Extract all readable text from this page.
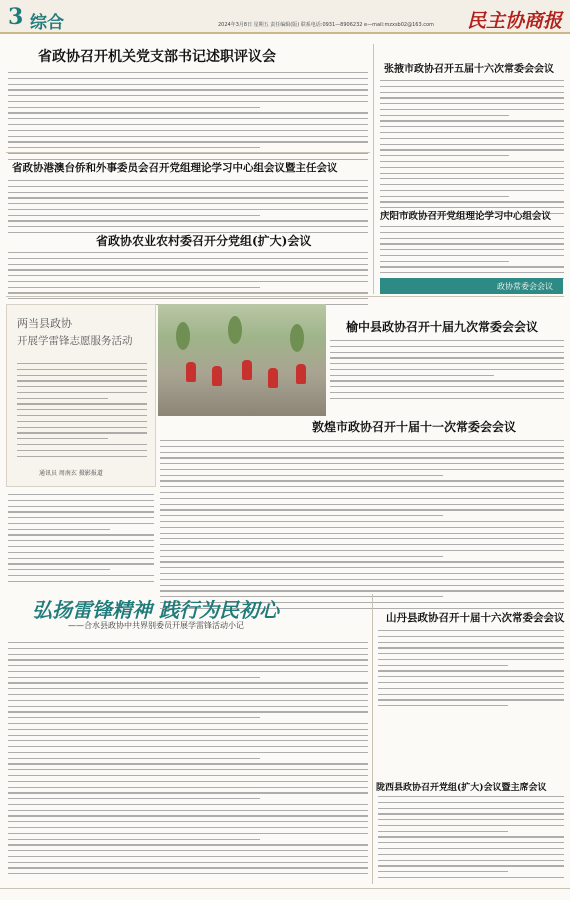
3 综合	2024年3月8日 星期五 责任编辑(版) 联系电话:0931—8906232 e—mail:mzxsb02@163.com 民主协商报
省政协召开机关党支部书记述职评议会
省政协港澳台侨和外事委员会召开党组理论学习中心组会议暨主任会议
省政协农业农村委召开分党组(扩大)会议
张掖市政协召开五届十六次常委会会议
庆阳市政协召开党组理论学习中心组会议
政协常委会会议
两当县政协
开展学雷锋志愿服务活动
通讯员 周南玄 摄影报道
榆中县政协召开十届九次常委会会议
敦煌市政协召开十届十一次常委会会议
弘扬雷锋精神 践行为民初心
——合水县政协中共界别委员开展学雷锋活动小记
山丹县政协召开十届十六次常委会会议
陇西县政协召开党组(扩大)会议暨主席会议
